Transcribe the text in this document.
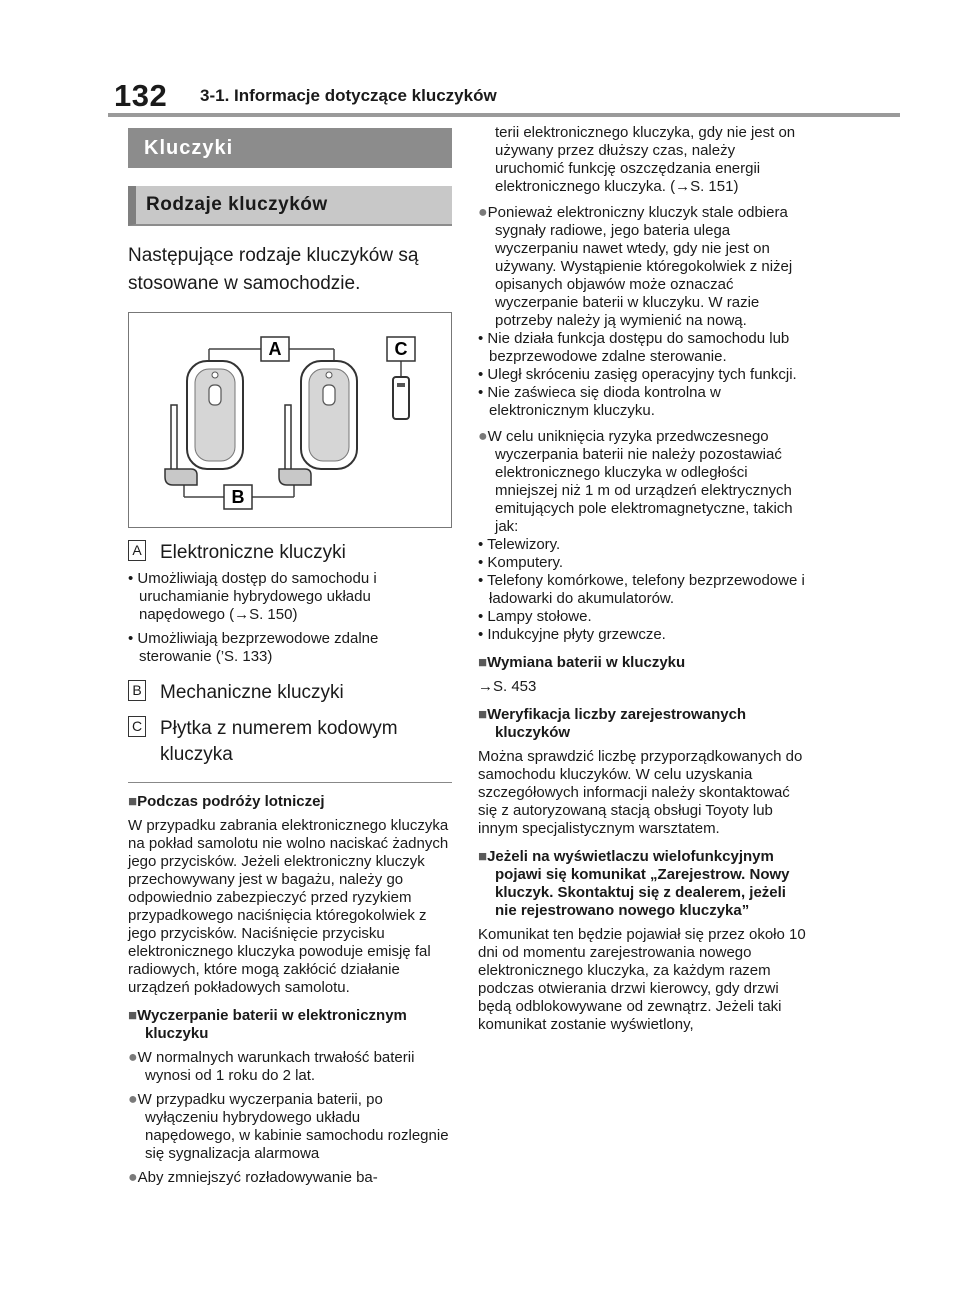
132 3-1. Informacje dotyczące kluczyków
Kluczyki
Rodzaje kluczyków
Następujące rodzaje kluczyków są stosowane w samochodzie.
A	C
B
A Elektroniczne kluczyki
• Umożliwiają dostęp do samochodu i uruchamianie hybrydowego układu napędowego (→S. 150)
• Umożliwiają bezprzewodowe zdalne sterowanie (’S. 133)
B Mechaniczne kluczyki
C Płytka z numerem kodowym kluczyka
■Podczas podróży lotniczej
W przypadku zabrania elektronicznego kluczyka na pokład samolotu nie wolno naciskać żadnych jego przycisków. Jeżeli elektroniczny kluczyk przechowywany jest w bagażu, należy go odpowiednio zabezpieczyć przed ryzykiem przypadkowego naciśnięcia któregokolwiek z jego przycisków. Naciśnięcie przycisku elektronicznego kluczyka powoduje emisję fal radiowych, które mogą zakłócić działanie urządzeń pokładowych samolotu.
■Wyczerpanie baterii w elektronicznym kluczyku
●W normalnych warunkach trwałość baterii wynosi od 1 roku do 2 lat.
●W przypadku wyczerpania baterii, po wyłączeniu hybrydowego układu napędowego, w kabinie samochodu rozlegnie się sygnalizacja alarmowa
●Aby zmniejszyć rozładowywanie ba-
terii elektronicznego kluczyka, gdy nie jest on używany przez dłuższy czas, należy uruchomić funkcję oszczędzania energii elektronicznego kluczyka. (→S. 151)
●Ponieważ elektroniczny kluczyk stale odbiera sygnały radiowe, jego bateria ulega wyczerpaniu nawet wtedy, gdy nie jest on używany. Wystąpienie któregokolwiek z niżej opisanych objawów może oznaczać wyczerpanie baterii w kluczyku. W razie potrzeby należy ją wymienić na nową.
• Nie działa funkcja dostępu do samochodu lub bezprzewodowe zdalne sterowanie.
• Uległ skróceniu zasięg operacyjny tych funkcji.
• Nie zaświeca się dioda kontrolna w elektronicznym kluczyku.
●W celu uniknięcia ryzyka przedwczesnego wyczerpania baterii nie należy pozostawiać elektronicznego kluczyka w odległości mniejszej niż 1 m od urządzeń elektrycznych emitujących pole elektromagnetyczne, takich jak:
• Telewizory.
• Komputery.
• Telefony komórkowe, telefony bezprzewodowe i ładowarki do akumulatorów.
• Lampy stołowe.
• Indukcyjne płyty grzewcze.
■Wymiana baterii w kluczyku
→S. 453
■Weryfikacja liczby zarejestrowanych kluczyków
Można sprawdzić liczbę przyporządkowanych do samochodu kluczyków. W celu uzyskania szczegółowych informacji należy skontaktować się z autoryzowaną stacją obsługi Toyoty lub innym specjalistycznym warsztatem.
■Jeżeli na wyświetlaczu wielofunkcyjnym pojawi się komunikat „Zarejestrow. Nowy kluczyk. Skontaktuj się z dealerem, jeżeli nie rejestrowano nowego kluczyka”
Komunikat ten będzie pojawiał się przez około 10 dni od momentu zarejestrowania nowego elektronicznego kluczyka, za każdym razem podczas otwierania drzwi kierowcy, gdy drzwi będą odblokowywane od zewnątrz. Jeżeli taki komunikat zostanie wyświetlony,
